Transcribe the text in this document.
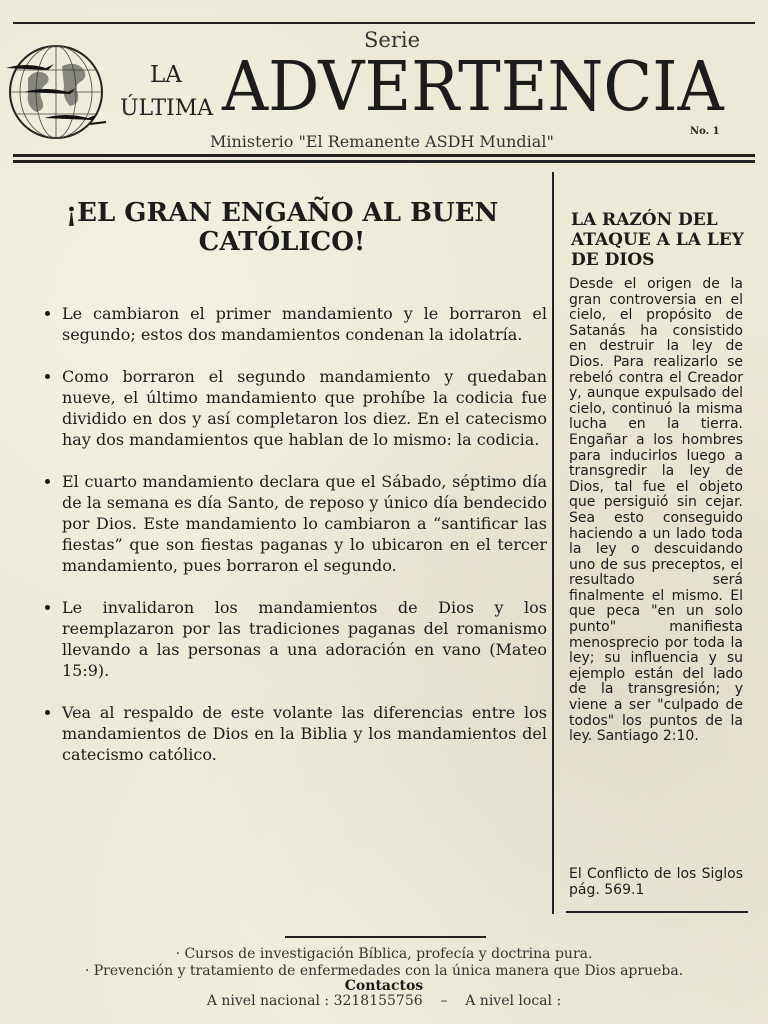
Serie
LA
ÚLTIMA ADVERTENCIA
Ministerio "El Remanente ASDH Mundial"
No. 1
¡EL GRAN ENGAÑO AL BUEN CATÓLICO!
• Le cambiaron el primer mandamiento y le borraron el segundo; estos dos mandamientos condenan la idolatría.
• Como borraron el segundo mandamiento y quedaban nueve, el último mandamiento que prohíbe la codicia fue dividido en dos y así completaron los diez. En el catecismo hay dos mandamientos que hablan de lo mismo: la codicia.
• El cuarto mandamiento declara que el Sábado, séptimo día de la semana es día Santo, de reposo y único día bendecido por Dios. Este mandamiento lo cambiaron a “santificar las fiestas” que son fiestas paganas y lo ubicaron en el tercer mandamiento, pues borraron el segundo.
• Le invalidaron los mandamientos de Dios y los reemplazaron por las tradiciones paganas del romanismo llevando a las personas a una adoración en vano (Mateo 15:9).
• Vea al respaldo de este volante las diferencias entre los mandamientos de Dios en la Biblia y los mandamientos del catecismo católico.
LA RAZÓN DEL ATAQUE A LA LEY DE DIOS
Desde el origen de la gran controversia en el cielo, el propósito de Satanás ha consistido en destruir la ley de Dios. Para realizarlo se rebeló contra el Creador y, aunque expulsado del cielo, continuó la misma lucha en la tierra. Engañar a los hombres para inducirlos luego a transgredir la ley de Dios, tal fue el objeto que persiguió sin cejar. Sea esto conseguido haciendo a un lado toda la ley o descuidando uno de sus preceptos, el resultado será finalmente el mismo. El que peca "en un solo punto" manifiesta menosprecio por toda la ley; su influencia y su ejemplo están del lado de la transgresión; y viene a ser "culpado de todos" los puntos de la ley. Santiago 2:10.
El Conflicto de los Siglos pág. 569.1
· Cursos de investigación Bíblica, profecía y doctrina pura.
· Prevención y tratamiento de enfermedades con la única manera que Dios aprueba.
Contactos
A nivel nacional : 3218155756    –    A nivel local :
